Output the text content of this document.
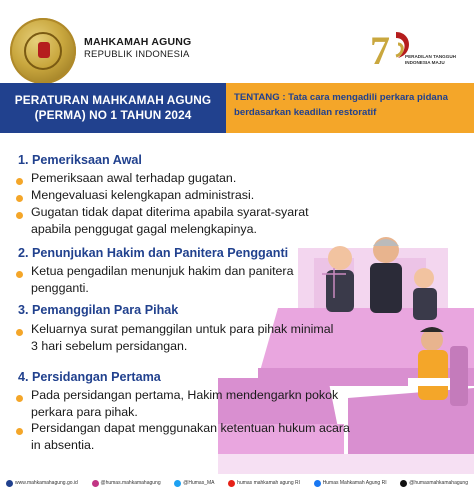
MAHKAMAH AGUNG
REPUBLIK INDONESIA	7	PERADILAN TANGGUH
INDONESIA MAJU
PERATURAN MAHKAMAH AGUNG
(PERMA) NO 1 TAHUN 2024
TENTANG : Tata cara mengadili perkara pidana
berdasarkan keadilan restoratif
1. Pemeriksaan Awal
Pemeriksaan awal terhadap gugatan.
Mengevaluasi kelengkapan administrasi.
Gugatan tidak dapat diterima apabila syarat-syarat
apabila penggugat gagal melengkapinya.
2. Penunjukan Hakim dan Panitera Pengganti
Ketua pengadilan menunjuk hakim dan panitera
pengganti.
3. Pemanggilan Para Pihak
Keluarnya surat pemanggilan untuk para pihak minimal
3 hari sebelum persidangan.
4. Persidangan Pertama
Pada persidangan pertama, Hakim mendengarkn pokok
perkara para pihak.
Persidangan dapat menggunakan ketentuan hukum acara
in absentia.
www.mahkamahagung.go.id	@humas.mahkamahagung	@Humas_MA	humas mahkamah agung RI	Humas Mahkamah Agung RI	@humasmahkamahagung
